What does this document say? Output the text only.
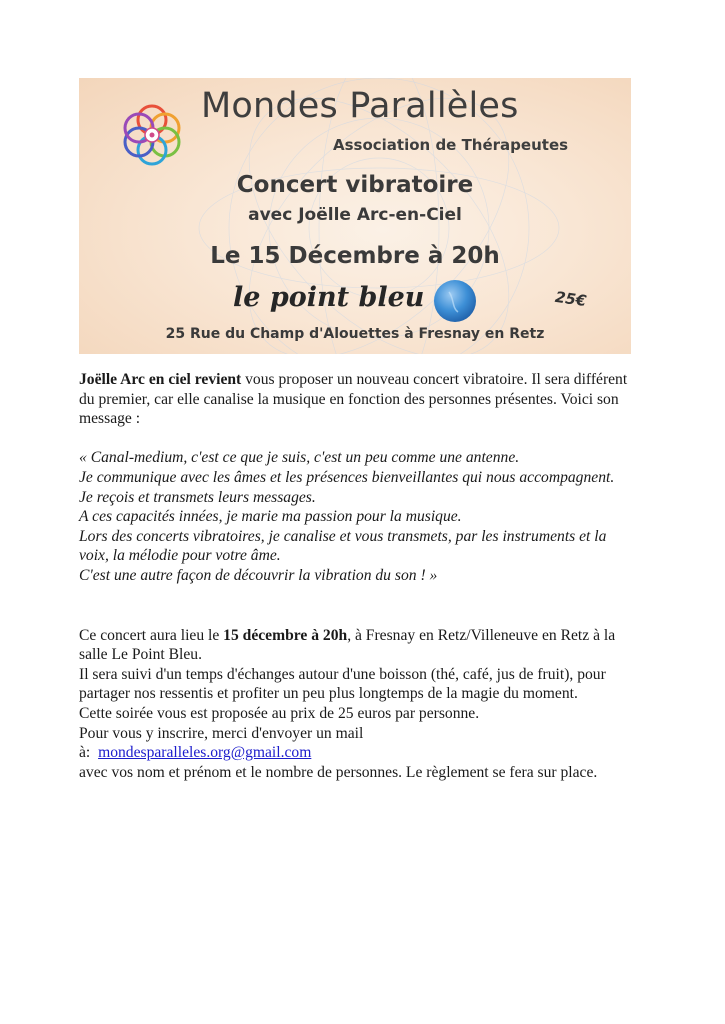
Mondes Parallèles
Association de Thérapeutes
Concert vibratoire
avec Joëlle Arc-en-Ciel
Le 15 Décembre à 20h
le point bleu	25€
25 Rue du Champ d'Alouettes à Fresnay en Retz

Joëlle Arc en ciel revient vous proposer un nouveau concert vibratoire. Il sera différent du premier, car elle canalise la musique en fonction des personnes présentes. Voici son message :

« Canal-medium, c'est ce que je suis, c'est un peu comme une antenne.
Je communique avec les âmes et les présences bienveillantes qui nous accompagnent.
Je reçois et transmets leurs messages.
A ces capacités innées, je marie ma passion pour la musique.
Lors des concerts vibratoires, je canalise et vous transmets, par les instruments et la voix, la mélodie pour votre âme.
C'est une autre façon de découvrir la vibration du son ! »

Ce concert aura lieu le 15 décembre à 20h, à Fresnay en Retz/Villeneuve en Retz à la salle Le Point Bleu.

Il sera suivi d'un temps d'échanges autour d'une boisson (thé, café, jus de fruit), pour partager nos ressentis et profiter un peu plus longtemps de la magie du moment.

Cette soirée vous est proposée au prix de 25 euros par personne.

Pour vous y inscrire, merci d'envoyer un mail

à:  mondesparalleles.org@gmail.com

avec vos nom et prénom et le nombre de personnes. Le règlement se fera sur place.
